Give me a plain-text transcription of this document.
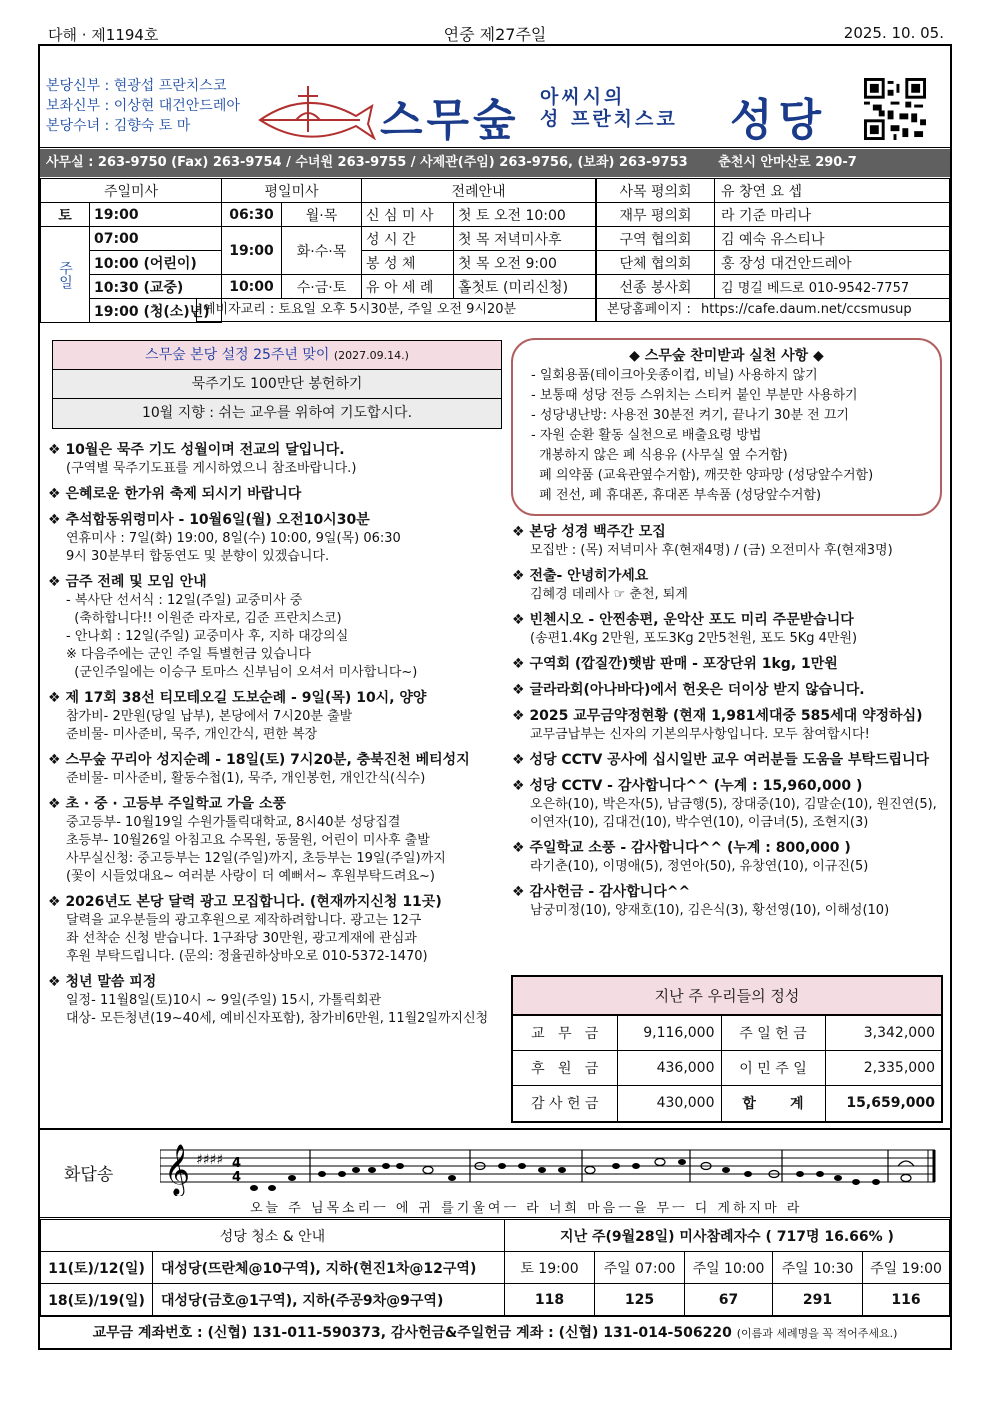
다해 · 제1194호	연중 제27주일	2025. 10. 05.
본당신부 : 현광섭 프란치스코
보좌신부 : 이상현 대건안드레아
본당수녀 : 김향숙 토 마	스무숲 아씨시의
성 프란치스코 성당
사무실 : 263-9750 (Fax) 263-9754 / 수녀원 263-9755 / 사제관(주임) 263-9756, (보좌) 263-9753 춘천시 안마산로 290-7
주일미사		평일미사		전례안내	
토	19:00	06:30	월·목	신 심 미 사	첫 토 오전 10:00
주일	07:00	19:00	화·수·목	성 시 간	첫 목 저녁미사후
	10:00 (어린이)			봉 성 체	첫 목 오전 9:00
	10:30 (교중)	10:00	수·금·토	유 아 세 례	홀첫토 (미리신청)
	19:00 (청(소)년)				
예비자교리 : 토요일 오후 5시30분, 주일 오전 9시20분
사목 평의회	유 창연 요 셉
재무 평의회	라 기준 마리나
구역 협의회	김 예숙 유스티나
단체 협의회	홍 장성 대건안드레아
선종 봉사회	김 명길 베드로 010-9542-7757
본당홈페이지 : https://cafe.daum.net/ccsmusup
스무숲 본당 설정 25주년 맞이 (2027.09.14.)
묵주기도 100만단 봉헌하기
10월 지향 : 쉬는 교우를 위하여 기도합시다.
❖ 10월은 묵주 기도 성월이며 전교의 달입니다.
(구역별 묵주기도표를 게시하였으니 참조바랍니다.)
❖ 은혜로운 한가위 축제 되시기 바랍니다
❖ 추석합동위령미사 - 10월6일(월) 오전10시30분
연휴미사 : 7일(화) 19:00, 8일(수) 10:00, 9일(목) 06:30
9시 30분부터 합동연도 및 분향이 있겠습니다.
❖ 금주 전례 및 모임 안내
- 복사단 선서식 : 12일(주일) 교중미사 중
(축하합니다!! 이원준 라자로, 김준 프란치스코)
- 안나회 : 12일(주일) 교중미사 후, 지하 대강의실
※ 다음주에는 군인 주일 특별헌금 있습니다
(군인주일에는 이승구 토마스 신부님이 오셔서 미사합니다~)
❖ 제 17회 38선 티모테오길 도보순례 - 9일(목) 10시, 양양
참가비- 2만원(당일 납부), 본당에서 7시20분 출발
준비물- 미사준비, 묵주, 개인간식, 편한 복장
❖ 스무숲 꾸리아 성지순례 - 18일(토) 7시20분, 충북진천 베티성지
준비물- 미사준비, 활동수첩(1), 묵주, 개인봉헌, 개인간식(식수)
❖ 초 · 중 · 고등부 주일학교 가을 소풍
중고등부- 10월19일 수원가톨릭대학교, 8시40분 성당집결
초등부- 10월26일 아침고요 수목원, 동물원, 어린이 미사후 출발
사무실신청: 중고등부는 12일(주일)까지, 초등부는 19일(주일)까지
(꽃이 시들었대요~ 여러분 사랑이 더 예뻐서~ 후원부탁드려요~)
❖ 2026년도 본당 달력 광고 모집합니다. (현재까지신청 11곳)
달력을 교우분들의 광고후원으로 제작하려합니다. 광고는 12구
좌 선착순 신청 받습니다. 1구좌당 30만원, 광고게재에 관심과
후원 부탁드립니다. (문의: 정율권하상바오로 010-5372-1470)
❖ 청년 말씀 피정
일정- 11월8일(토)10시 ~ 9일(주일) 15시, 가톨릭회관
대상- 모든청년(19~40세, 예비신자포함), 참가비6만원, 11월2일까지신청
◆ 스무숲 찬미받과 실천 사항 ◆
- 일회용품(테이크아웃종이컵, 비닐) 사용하지 않기
- 보통때 성당 전등 스위치는 스티커 붙인 부분만 사용하기
- 성당냉난방: 사용전 30분전 켜기, 끝나기 30분 전 끄기
- 자원 순환 활동 실천으로 배출요령 방법
개봉하지 않은 폐 식용유 (사무실 옆 수거함)
폐 의약품 (교육관옆수거함), 깨끗한 양파망 (성당앞수거함)
폐 전선, 폐 휴대폰, 휴대폰 부속품 (성당앞수거함)
❖ 본당 성경 백주간 모집
모집반 : (목) 저녁미사 후(현재4명) / (금) 오전미사 후(현재3명)
❖ 전출- 안녕히가세요
김혜경 데레사 ☞ 춘천, 퇴계
❖ 빈첸시오 - 안찐송편, 운악산 포도 미리 주문받습니다
(송편1.4Kg 2만원, 포도3Kg 2만5천원, 포도 5Kg 4만원)
❖ 구역회 (깝질깐)햇밤 판매 - 포장단위 1kg, 1만원
❖ 글라라회(아나바다)에서 헌옷은 더이상 받지 않습니다.
❖ 2025 교무금약정현황 (현재 1,981세대중 585세대 약정하심)
교무금납부는 신자의 기본의무사항입니다. 모두 참여합시다!
❖ 성당 CCTV 공사에 십시일반 교우 여러분들 도움을 부탁드립니다
❖ 성당 CCTV - 감사합니다^^ (누계 : 15,960,000 )
오은하(10), 박은자(5), 남금행(5), 장대중(10), 김말순(10), 원진연(5),
이연자(10), 김대건(10), 박수연(10), 이금녀(5), 조현지(3)
❖ 주일학교 소풍 - 감사합니다^^ (누계 : 800,000 )
라기춘(10), 이명애(5), 정연아(50), 유창연(10), 이규진(5)
❖ 감사헌금 - 감사합니다^^
남궁미정(10), 양재호(10), 김은식(3), 황선영(10), 이해성(10)
지난 주 우리들의 정성
교   무   금	9,116,000	주 일 헌 금	3,342,000
후   원   금	436,000	이 민 주 일	2,335,000
감 사 헌 금	430,000	합       계	15,659,000
화답송 𝄞 ♯♯♯♯ 4
4
오늘 주 님목소리ㅡ 에 귀 를기울여ㅡ 라 너희 마음ㅡ을 무ㅡ 디 게하지마 라
성당 청소 & 안내		지난 주(9월28일) 미사참례자수 ( 717명 16.66% )				
11(토)/12(일)	대성당(뜨란체@10구역), 지하(현진1차@12구역)	토 19:00	주일 07:00	주일 10:00	주일 10:30	주일 19:00
18(토)/19(일)	대성당(금호@1구역), 지하(주공9차@9구역)	118	125	67	291	116
교무금 계좌번호 : (신협) 131-011-590373, 감사헌금&주일헌금 계좌 : (신협) 131-014-506220 (이름과 세례명을 꼭 적어주세요.)
